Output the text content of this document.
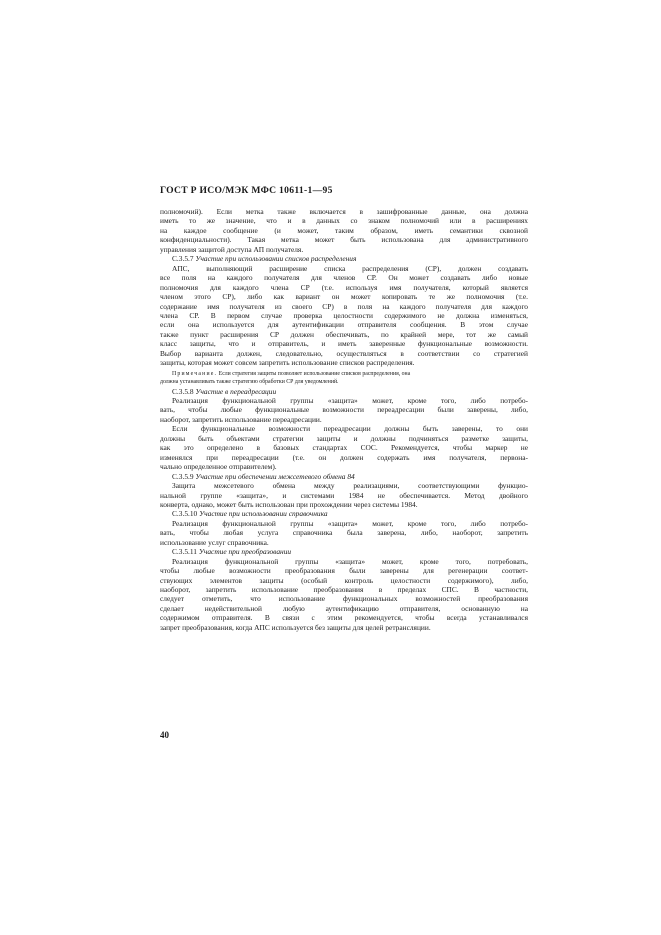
ГОСТ Р ИСО/МЭК МФС 10611-1—95
полномочий). Если метка также включается в зашифрованные данные, она должна
иметь то же значение, что и в данных со знаком полномочий или в расширениях
на каждое сообщение (и может, таким образом, иметь семантики сквозной
конфиденциальности). Такая метка может быть использована для административного
управления защитой доступа АП получателя.
С.3.5.7 Участие при использовании списков распределения
АПС, выполняющий расширение списка распределения (СР), должен создавать
все поля на каждого получателя для членов СР. Он может создавать либо новые
полномочия для каждого члена СР (т.е. используя имя получателя, который является
членом этого СР), либо как вариант он может копировать те же полномочия (т.е.
содержание имя получателя из своего СР) в поля на каждого получателя для каждого
члена СР. В первом случае проверка целостности содержимого не должна изменяться,
если она используется для аутентификации отправителя сообщения. В этом случае
также пункт расширения СР должен обеспечивать, по крайней мере, тот же самый
класс защиты, что и отправитель, и иметь заверенные функциональные возможности.
Выбор варианта должен, следовательно, осуществляться в соответствии со стратегией
защиты, которая может совсем запретить использование списков распределения.
Примечание. Если стратегия защиты позволяет использование списков распределения, она
должна устанавливать также стратегию обработки СР для уведомлений.
С.3.5.8 Участие в переадресации
Реализация функциональной группы «защита» может, кроме того, либо потребо-
вать, чтобы любые функциональные возможности переадресации были заверены, либо,
наоборот, запретить использование переадресации.
Если функциональные возможности переадресации должны быть заверены, то они
должны быть объектами стратегии защиты и должны подчиняться разметке защиты,
как это определено в базовых стандартах СОС. Рекомендуется, чтобы маркер не
изменялся при переадресации (т.е. он должен содержать имя получателя, первона-
чально определенное отправителем).
С.3.5.9 Участие при обеспечении межсетевого обмена 84
Защита межсетевого обмена между реализациями, соответствующими функцио-
нальной группе «защита», и системами 1984 не обеспечивается. Метод двойного
конверта, однако, может быть использован при прохождении через системы 1984.
С.3.5.10 Участие при использовании справочника
Реализация функциональной группы «защита» может, кроме того, либо потребо-
вать, чтобы любая услуга справочника была заверена, либо, наоборот, запретить
использование услуг справочника.
С.3.5.11 Участие при преобразовании
Реализация функциональной группы «защита» может, кроме того, потребовать,
чтобы любые возможности преобразования были заверены для регенерации соответ-
ствующих элементов защиты (особый контроль целостности содержимого), либо,
наоборот, запретить использование преобразования в пределах СПС. В частности,
следует отметить, что использование функциональных возможностей преобразования
сделает недействительной любую аутентификацию отправителя, основанную на
содержимом отправителя. В связи с этим рекомендуется, чтобы всегда устанавливался
запрет преобразования, когда АПС используется без защиты для целей ретрансляции.
40
